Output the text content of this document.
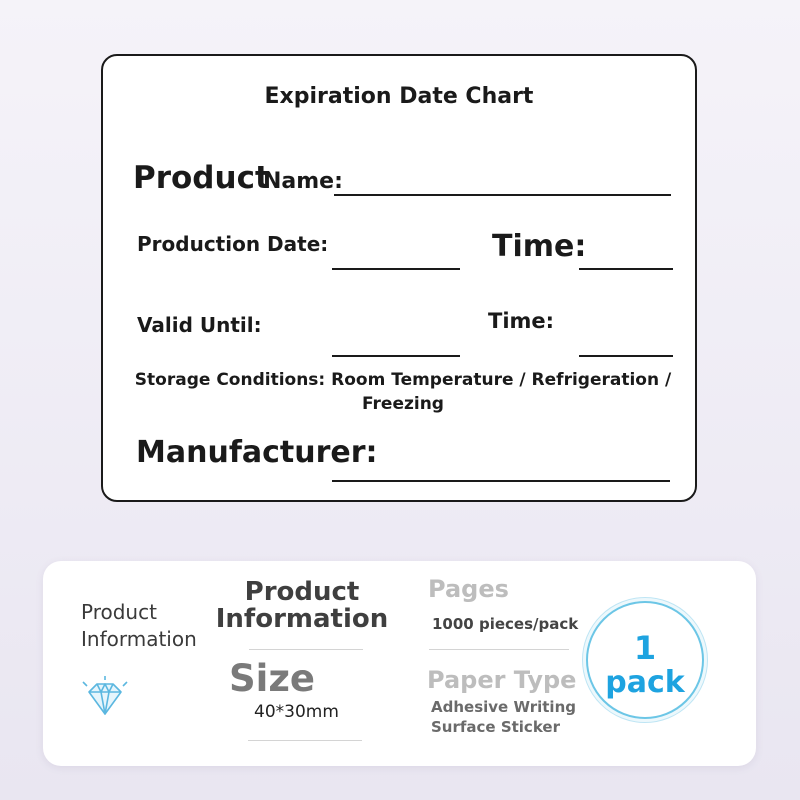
Expiration Date Chart
Product
Name:
Production Date:	Time:
Valid Until:	Time:
Storage Conditions: Room Temperature / Refrigeration / Freezing
Manufacturer:
Product Information
Product Information
Size
40*30mm
Pages
1000 pieces/pack
Paper Type
Adhesive Writing Surface Sticker
1
pack
